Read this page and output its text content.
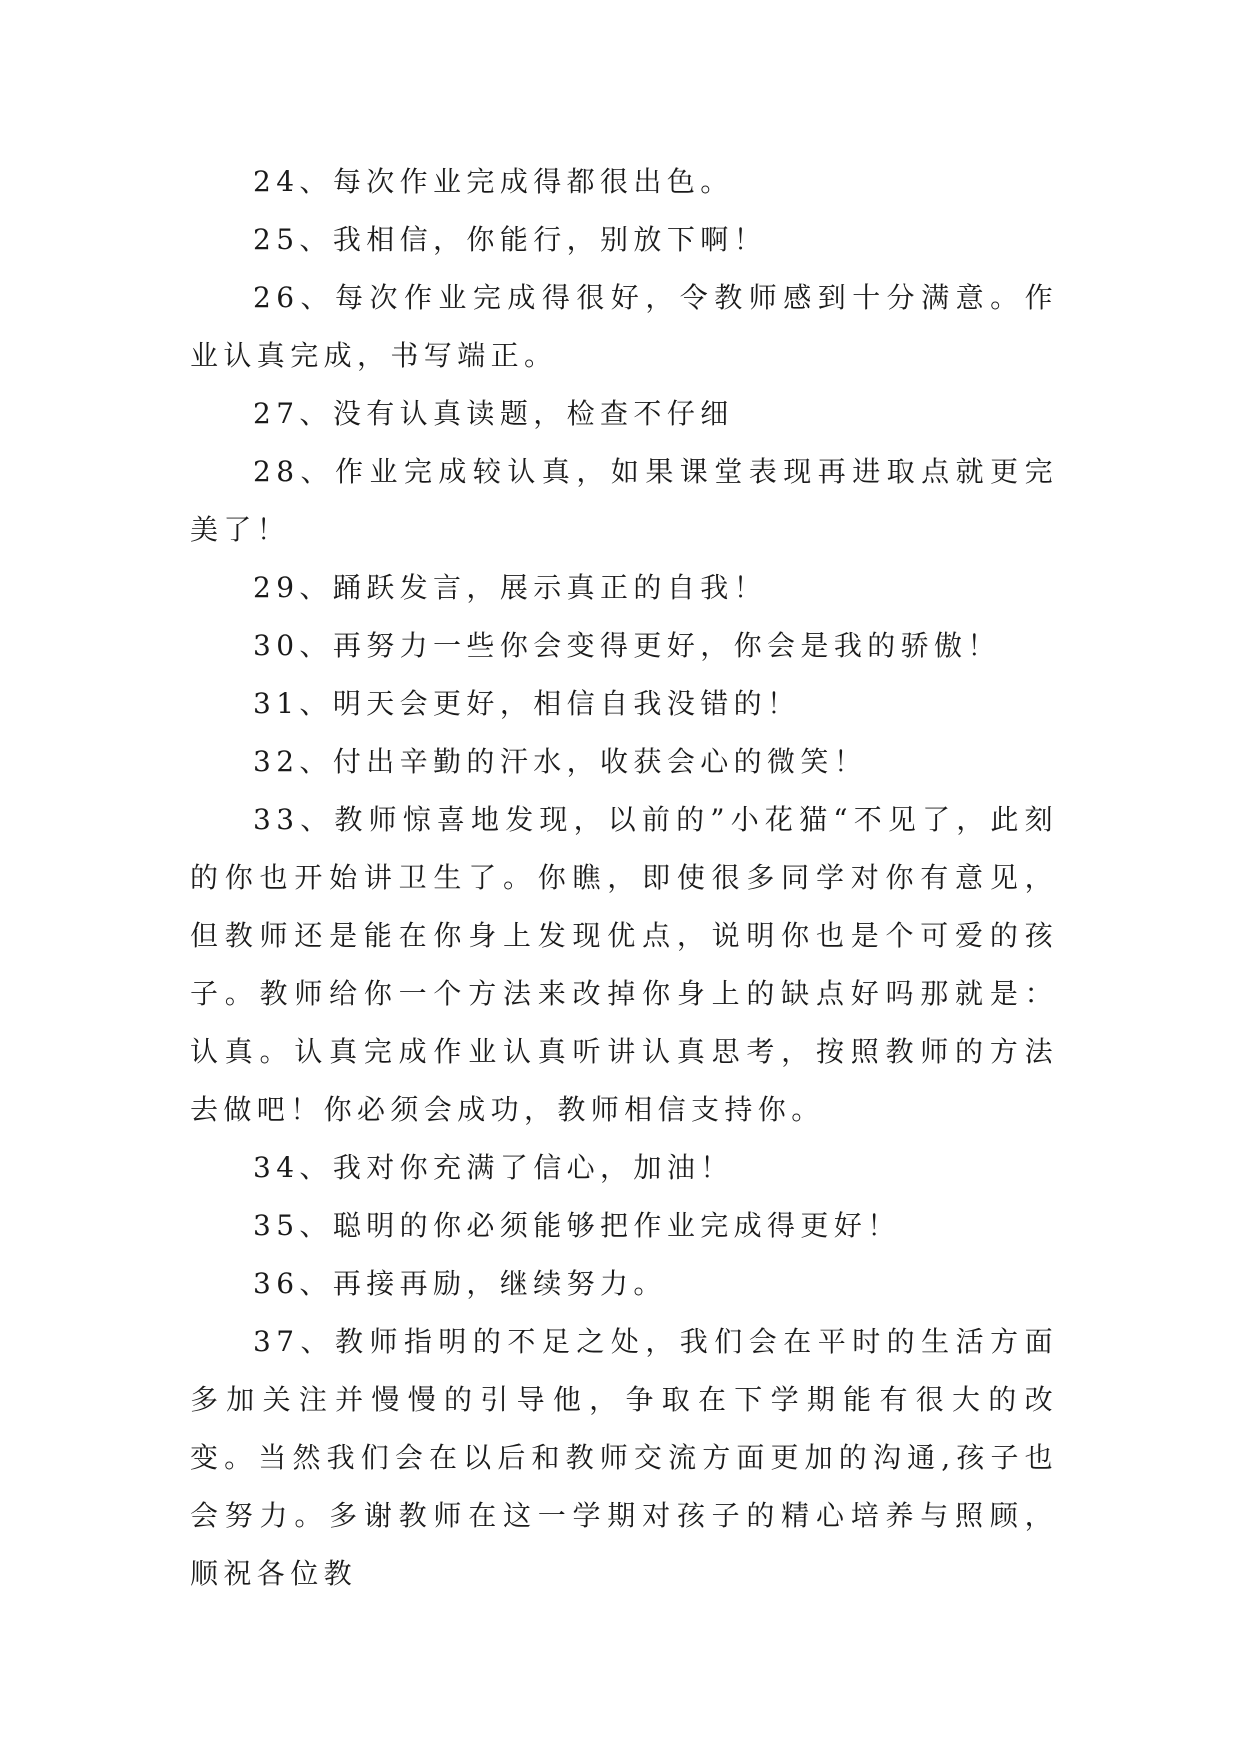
24、每次作业完成得都很出色。

25、我相信，你能行，别放下啊！

26、每次作业完成得很好，令教师感到十分满意。作业认真完成，书写端正。

27、没有认真读题，检查不仔细

28、作业完成较认真，如果课堂表现再进取点就更完美了！

29、踊跃发言，展示真正的自我！

30、再努力一些你会变得更好，你会是我的骄傲！

31、明天会更好，相信自我没错的！

32、付出辛勤的汗水，收获会心的微笑！

33、教师惊喜地发现，以前的”小花猫“不见了，此刻的你也开始讲卫生了。你瞧，即使很多同学对你有意见，但教师还是能在你身上发现优点，说明你也是个可爱的孩子。教师给你一个方法来改掉你身上的缺点好吗那就是：认真。认真完成作业认真听讲认真思考，按照教师的方法去做吧！你必须会成功，教师相信支持你。

34、我对你充满了信心，加油！

35、聪明的你必须能够把作业完成得更好！

36、再接再励，继续努力。

37、教师指明的不足之处，我们会在平时的生活方面多加关注并慢慢的引导他，争取在下学期能有很大的改变。当然我们会在以后和教师交流方面更加的沟通,孩子也会努力。多谢教师在这一学期对孩子的精心培养与照顾，顺祝各位教
